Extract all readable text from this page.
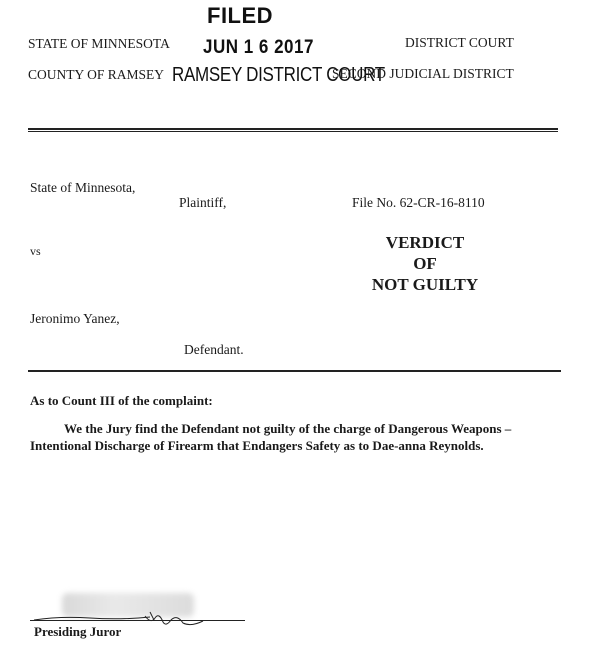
FILED
JUN 1 6 2017
RAMSEY DISTRICT COURT
STATE OF MINNESOTA	DISTRICT COURT
COUNTY OF RAMSEY	SECOND JUDICIAL DISTRICT
State of Minnesota,
Plaintiff,	File No. 62-CR-16-8110
vs
Jeronimo Yanez,
Defendant.
VERDICT
OF
NOT GUILTY
As to Count III of the complaint:
We the Jury find the Defendant not guilty of the charge of Dangerous Weapons – Intentional Discharge of Firearm that Endangers Safety as to Dae-anna Reynolds.
Presiding Juror
